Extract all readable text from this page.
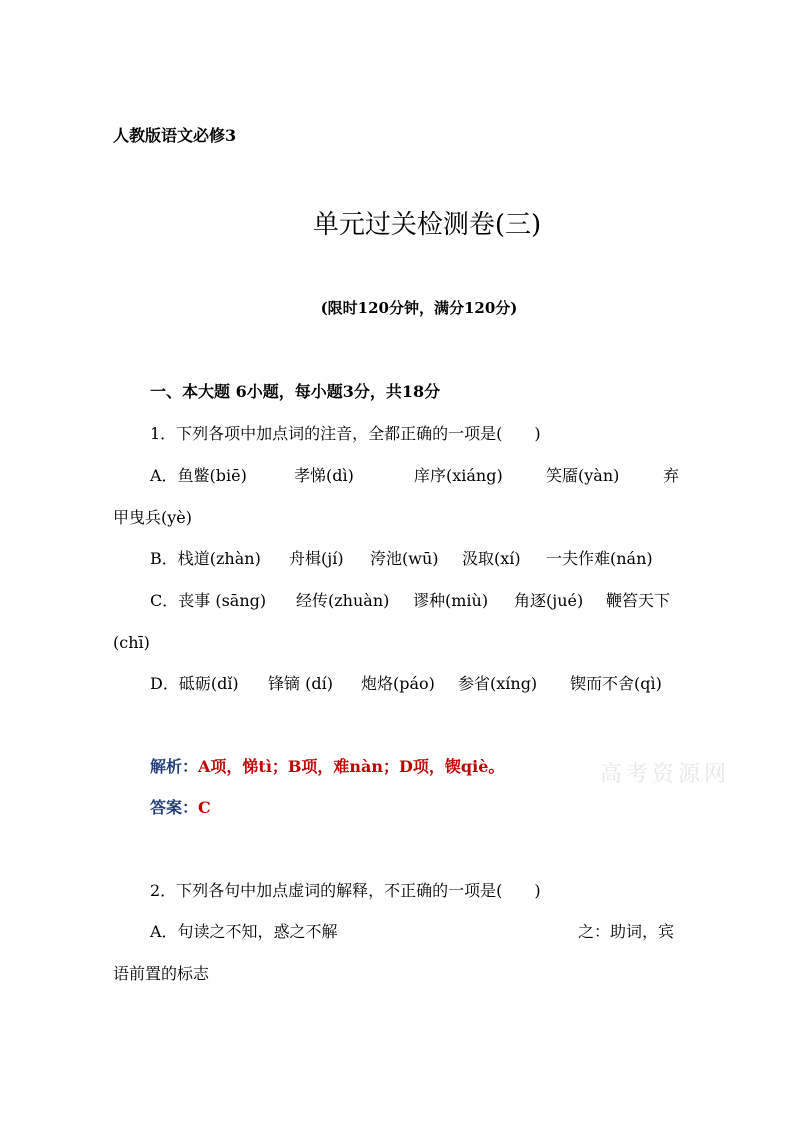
人教版语文必修3
单元过关检测卷(三)
(限时120分钟，满分120分)
一、本大题 6小题，每小题3分，共18分
1．下列各项中加点词的注音，全都正确的一项是(　　)
A．鱼鳖(biē)	孝悌(dì)	庠序(xiáng)	笑靥(yàn)	弃
甲曳兵(yè)
B．栈道(zhàn) 舟楫(jí) 洿池(wū) 汲取(xí) 一夫作难(nán)
C．丧事 (sāng) 经传(zhuàn) 谬种(miù) 角逐(jué) 鞭笞天下
(chī)
D．砥砺(dǐ) 锋镝 (dí) 炮烙(páo) 参省(xíng) 锲而不舍(qì)
解析：A项，悌tì；B项，难nàn；D项，锲qiè。
答案：C
高考资源网
2．下列各句中加点虚词的解释，不正确的一项是(　　)
A．句读之不知，惑之不解	之：助词，宾
语前置的标志
